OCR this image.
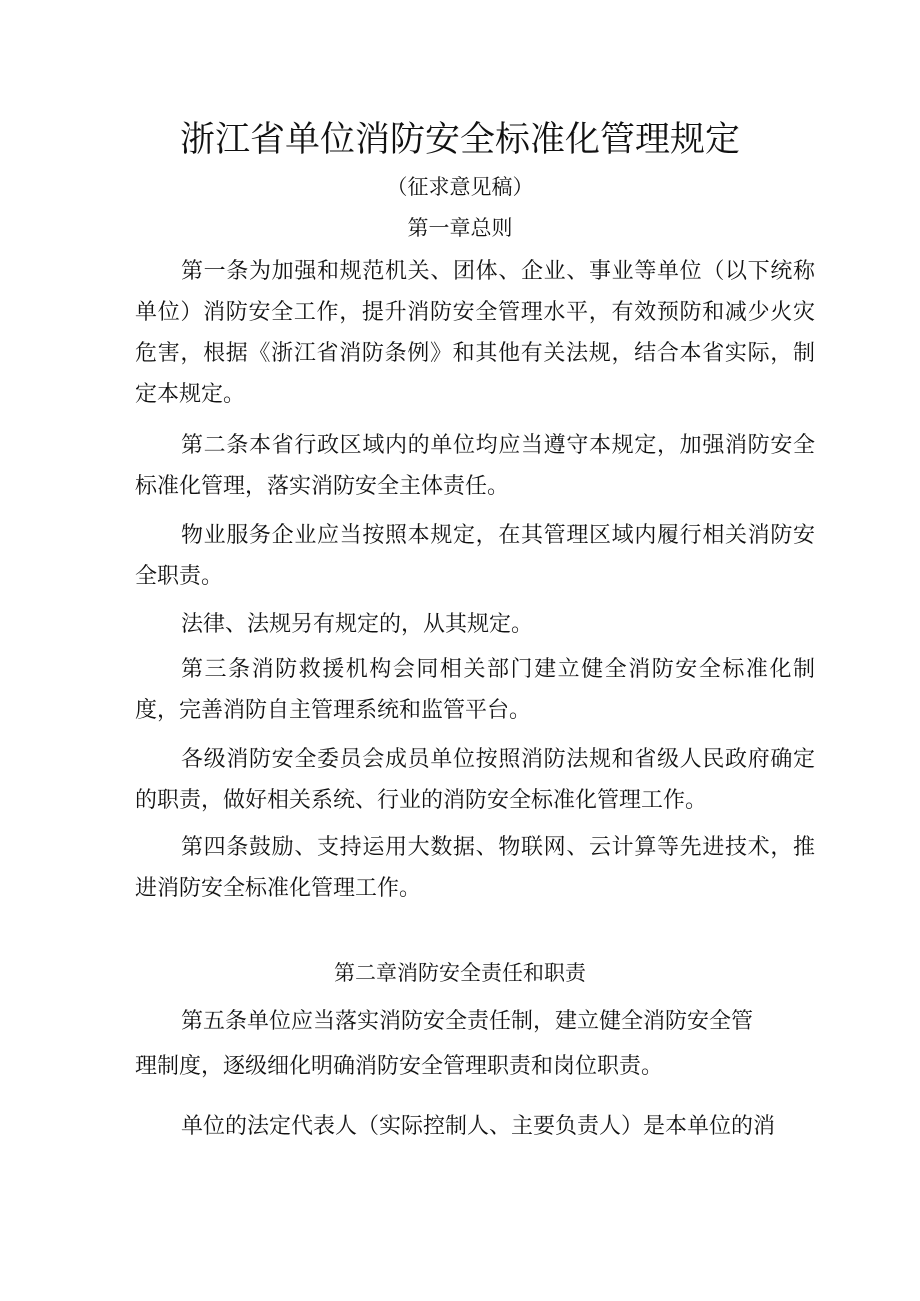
浙江省单位消防安全标准化管理规定

（征求意见稿）

第一章总则

第一条为加强和规范机关、团体、企业、事业等单位（以下统称单位）消防安全工作，提升消防安全管理水平，有效预防和减少火灾危害，根据《浙江省消防条例》和其他有关法规，结合本省实际，制定本规定。

第二条本省行政区域内的单位均应当遵守本规定，加强消防安全标准化管理，落实消防安全主体责任。

物业服务企业应当按照本规定，在其管理区域内履行相关消防安全职责。

法律、法规另有规定的，从其规定。

第三条消防救援机构会同相关部门建立健全消防安全标准化制度，完善消防自主管理系统和监管平台。

各级消防安全委员会成员单位按照消防法规和省级人民政府确定的职责，做好相关系统、行业的消防安全标准化管理工作。

第四条鼓励、支持运用大数据、物联网、云计算等先进技术，推进消防安全标准化管理工作。

第二章消防安全责任和职责

第五条单位应当落实消防安全责任制，建立健全消防安全管

理制度，逐级细化明确消防安全管理职责和岗位职责。

单位的法定代表人（实际控制人、主要负责人）是本单位的消
